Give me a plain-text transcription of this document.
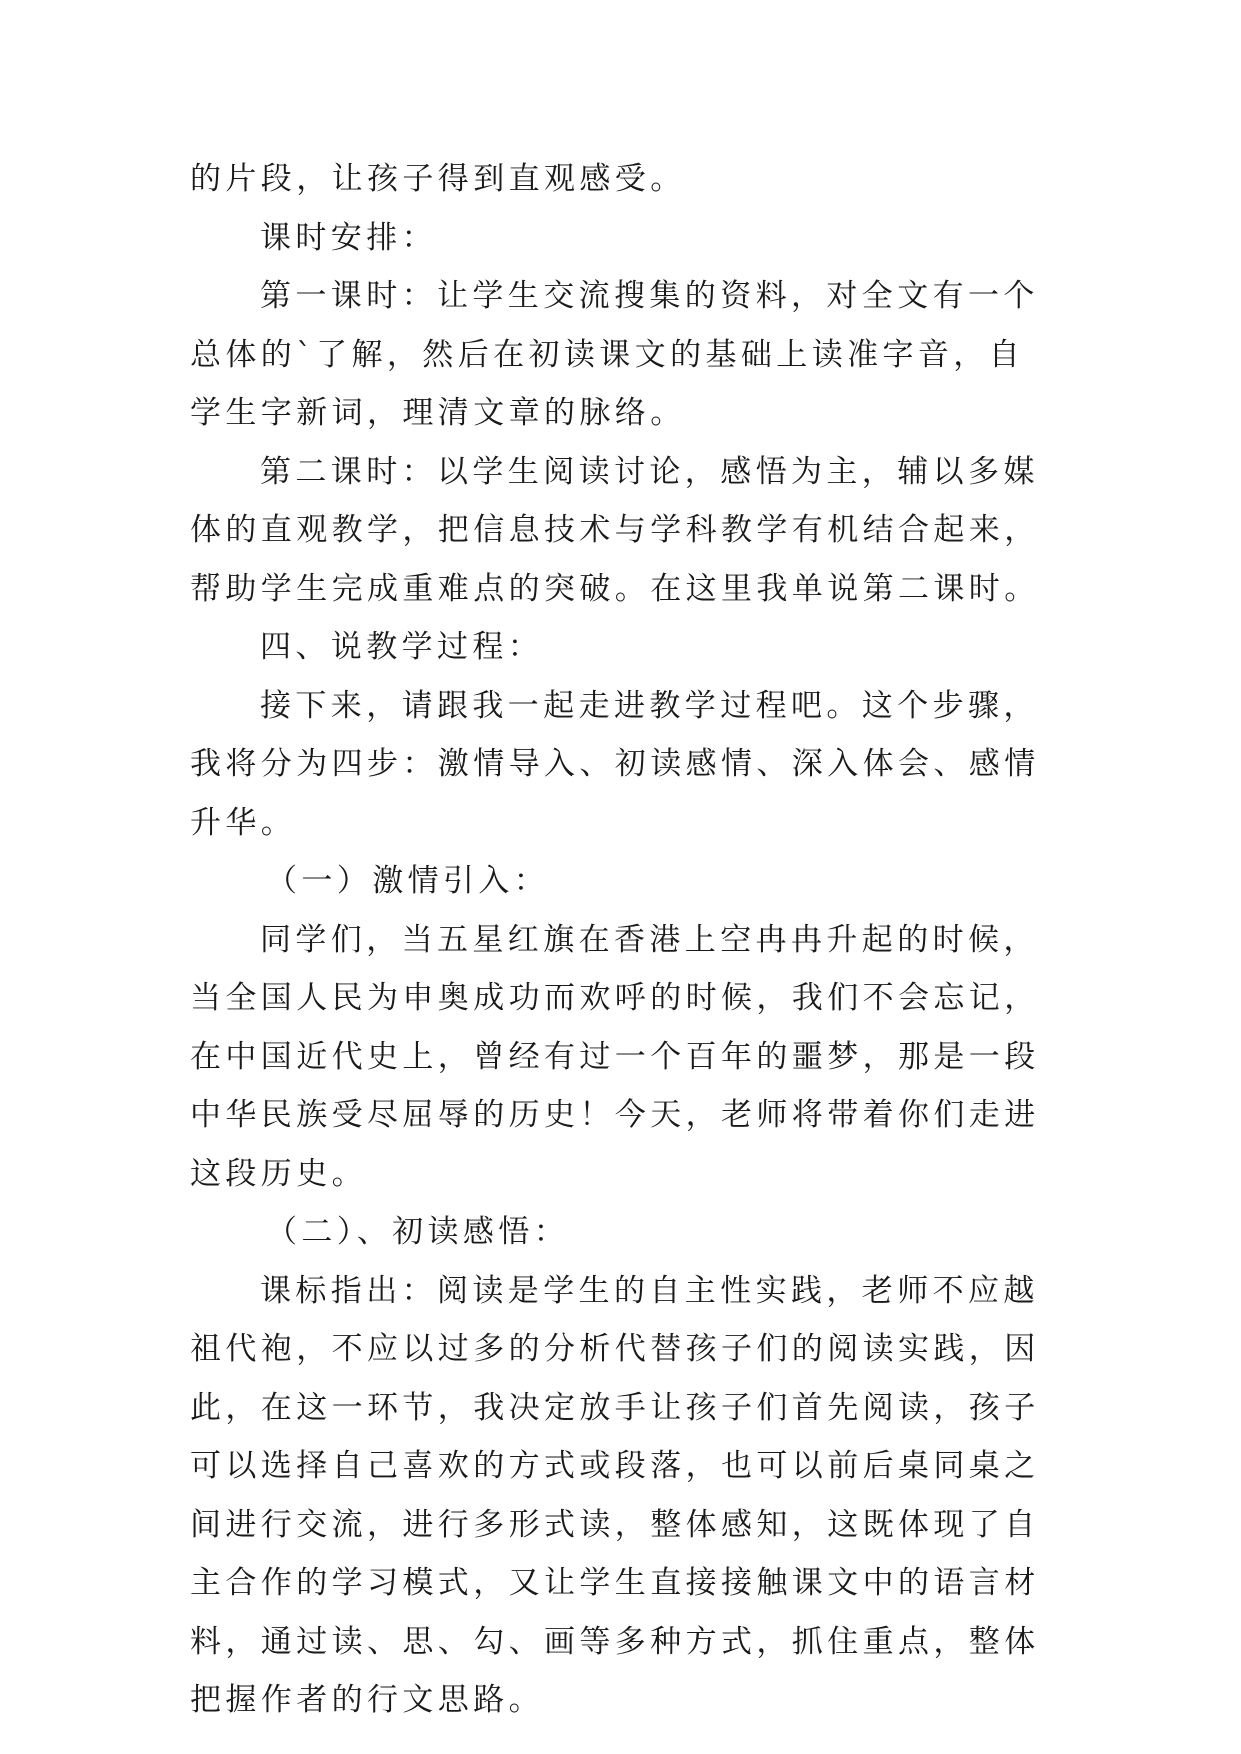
的片段，让孩子得到直观感受。

课时安排：

第一课时：让学生交流搜集的资料，对全文有一个总体的`了解，然后在初读课文的基础上读准字音，自学生字新词，理清文章的脉络。

第二课时：以学生阅读讨论，感悟为主，辅以多媒体的直观教学，把信息技术与学科教学有机结合起来，帮助学生完成重难点的突破。在这里我单说第二课时。

四、说教学过程：

接下来，请跟我一起走进教学过程吧。这个步骤，我将分为四步：激情导入、初读感情、深入体会、感情升华。

（一）激情引入：

同学们，当五星红旗在香港上空冉冉升起的时候，当全国人民为申奥成功而欢呼的时候，我们不会忘记，在中国近代史上，曾经有过一个百年的噩梦，那是一段中华民族受尽屈辱的历史！今天，老师将带着你们走进这段历史。

（二）、初读感悟：

课标指出：阅读是学生的自主性实践，老师不应越祖代袍，不应以过多的分析代替孩子们的阅读实践，因此，在这一环节，我决定放手让孩子们首先阅读，孩子可以选择自己喜欢的方式或段落，也可以前后桌同桌之间进行交流，进行多形式读，整体感知，这既体现了自主合作的学习模式，又让学生直接接触课文中的语言材料，通过读、思、勾、画等多种方式，抓住重点，整体把握作者的行文思路。
